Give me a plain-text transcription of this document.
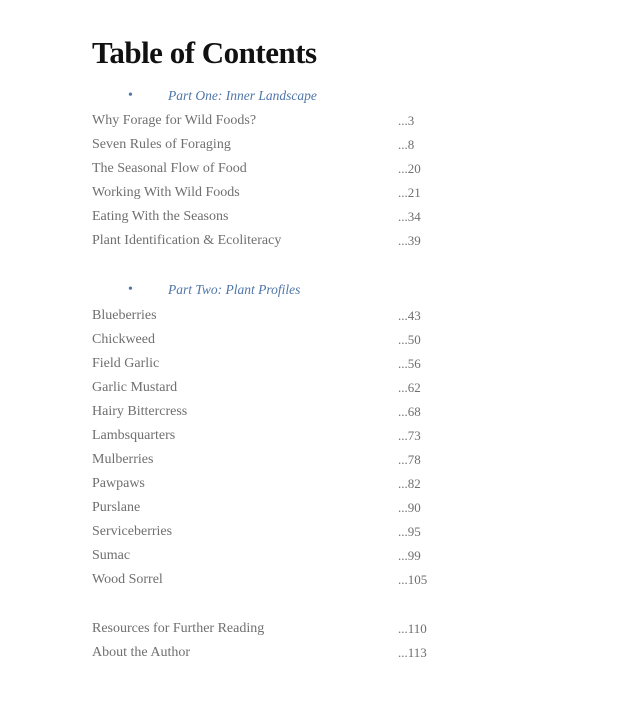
Table of Contents
•	Part One: Inner Landscape
Why Forage for Wild Foods?	...3
Seven Rules of Foraging	...8
The Seasonal Flow of Food	...20
Working With Wild Foods	...21
Eating With the Seasons	...34
Plant Identification & Ecoliteracy	...39
•	Part Two: Plant Profiles
Blueberries	...43
Chickweed	...50
Field Garlic	...56
Garlic Mustard	...62
Hairy Bittercress	...68
Lambsquarters	...73
Mulberries	...78
Pawpaws	...82
Purslane	...90
Serviceberries	...95
Sumac	...99
Wood Sorrel	...105
Resources for Further Reading	...110
About the Author	...113
